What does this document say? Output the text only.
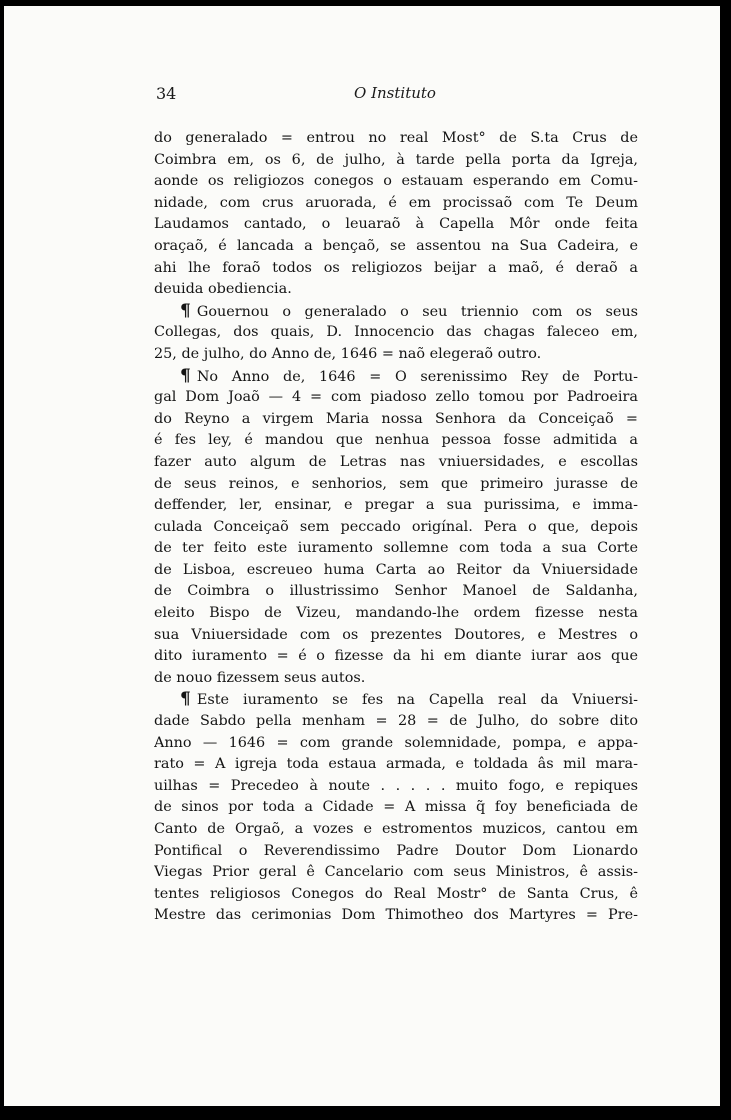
34	O Instituto
do generalado = entrou no real Most° de S.ta Crus de
Coimbra em, os 6, de julho, à tarde pella porta da Igreja,
aonde os religiozos conegos o estauam esperando em Comu-
nidade, com crus aruorada, é em procissaõ com Te Deum
Laudamos cantado, o leuaraõ à Capella Môr onde feita
oraçaõ, é lancada a bençaõ, se assentou na Sua Cadeira, e
ahi lhe foraõ todos os religiozos beijar a maõ, é deraõ a
deuida obediencia.
¶ Gouernou o generalado o seu triennio com os seus
Collegas, dos quais, D. Innocencio das chagas faleceo em,
25, de julho, do Anno de, 1646 = naõ elegeraõ outro.
¶ No Anno de, 1646 = O serenissimo Rey de Portu-
gal Dom Joaõ — 4 = com piadoso zello tomou por Padroeira
do Reyno a virgem Maria nossa Senhora da Conceiçaõ =
é fes ley, é mandou que nenhua pessoa fosse admitida a
fazer auto algum de Letras nas vniuersidades, e escollas
de seus reinos, e senhorios, sem que primeiro jurasse de
deffender, ler, ensinar, e pregar a sua purissima, e imma-
culada Conceiçaõ sem peccado origínal. Pera o que, depois
de ter feito este iuramento sollemne com toda a sua Corte
de Lisboa, escreueo huma Carta ao Reitor da Vniuersidade
de Coimbra o illustrissimo Senhor Manoel de Saldanha,
eleito Bispo de Vizeu, mandando-lhe ordem fizesse nesta
sua Vniuersidade com os prezentes Doutores, e Mestres o
dito iuramento = é o fizesse da hi em diante iurar aos que
de nouo fizessem seus autos.
¶ Este iuramento se fes na Capella real da Vniuersi-
dade Sabdo pella menham = 28 = de Julho, do sobre dito
Anno — 1646 = com grande solemnidade, pompa, e appa-
rato = A igreja toda estaua armada, e toldada âs mil mara-
uilhas = Precedeo à noute . . . . . muito fogo, e repiques
de sinos por toda a Cidade = A missa q̃ foy beneficiada de
Canto de Orgaõ, a vozes e estromentos muzicos, cantou em
Pontifical o Reverendissimo Padre Doutor Dom Lionardo
Viegas Prior geral ê Cancelario com seus Ministros, ê assis-
tentes religiosos Conegos do Real Mostr° de Santa Crus, ê
Mestre das cerimonias Dom Thimotheo dos Martyres = Pre-
